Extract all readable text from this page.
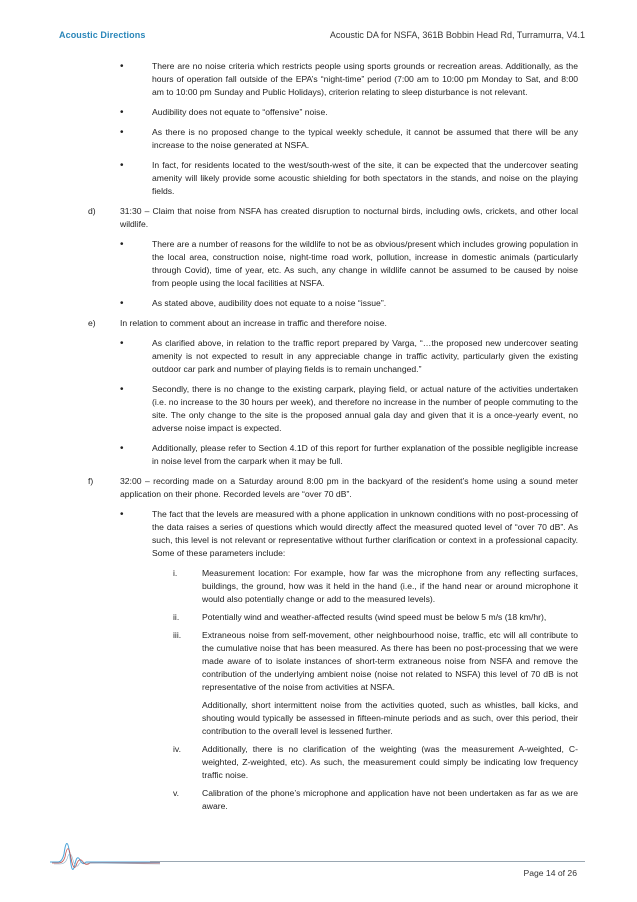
Acoustic Directions	Acoustic DA for NSFA, 361B Bobbin Head Rd, Turramurra, V4.1
•	There are no noise criteria which restricts people using sports grounds or recreation areas. Additionally, as the hours of operation fall outside of the EPA’s “night-time” period (7:00 am to 10:00 pm Monday to Sat, and 8:00 am to 10:00 pm Sunday and Public Holidays), criterion relating to sleep disturbance is not relevant.

•	Audibility does not equate to “offensive” noise.

•	As there is no proposed change to the typical weekly schedule, it cannot be assumed that there will be any increase to the noise generated at NSFA.

•	In fact, for residents located to the west/south-west of the site, it can be expected that the undercover seating amenity will likely provide some acoustic shielding for both spectators in the stands, and noise on the playing fields.

d)	31:30 – Claim that noise from NSFA has created disruption to nocturnal birds, including owls, crickets, and other local wildlife.

•	There are a number of reasons for the wildlife to not be as obvious/present which includes growing population in the local area, construction noise, night-time road work, pollution, increase in domestic animals (particularly through Covid), time of year, etc. As such, any change in wildlife cannot be assumed to be caused by noise from people using the local facilities at NSFA.

•	As stated above, audibility does not equate to a noise “issue”.

e)	In relation to comment about an increase in traffic and therefore noise.

•	As clarified above, in relation to the traffic report prepared by Varga, “…the proposed new undercover seating amenity is not expected to result in any appreciable change in traffic activity, particularly given the existing outdoor car park and number of playing fields is to remain unchanged.”

•	Secondly, there is no change to the existing carpark, playing field, or actual nature of the activities undertaken (i.e. no increase to the 30 hours per week), and therefore no increase in the number of people commuting to the site. The only change to the site is the proposed annual gala day and given that it is a once-yearly event, no adverse noise impact is expected.

•	Additionally, please refer to Section 4.1D of this report for further explanation of the possible negligible increase in noise level from the carpark when it may be full.

f)	32:00 – recording made on a Saturday around 8:00 pm in the backyard of the resident’s home using a sound meter application on their phone. Recorded levels are “over 70 dB”.

•	The fact that the levels are measured with a phone application in unknown conditions with no post-processing of the data raises a series of questions which would directly affect the measured quoted level of “over 70 dB”. As such, this level is not relevant or representative without further clarification or context in a professional capacity. Some of these parameters include:

i.	Measurement location: For example, how far was the microphone from any reflecting surfaces, buildings, the ground, how was it held in the hand (i.e., if the hand near or around microphone it would also potentially change or add to the measured levels).

ii.	Potentially wind and weather-affected results (wind speed must be below 5 m/s (18 km/hr),

iii. Extraneous noise from self-movement, other neighbourhood noise, traffic, etc will all contribute to the cumulative noise that has been measured. As there has been no post-processing that we were made aware of to isolate instances of short-term extraneous noise from NSFA and remove the contribution of the underlying ambient noise (noise not related to NSFA) this level of 70 dB is not representative of the noise from activities at NSFA.

Additionally, short intermittent noise from the activities quoted, such as whistles, ball kicks, and shouting would typically be assessed in fifteen-minute periods and as such, over this period, their contribution to the overall level is lessened further.

iv. Additionally, there is no clarification of the weighting (was the measurement A-weighted, C-weighted, Z-weighted, etc). As such, the measurement could simply be indicating low frequency traffic noise.

v.	Calibration of the phone’s microphone and application have not been undertaken as far as we are aware.

Page 14 of 26
